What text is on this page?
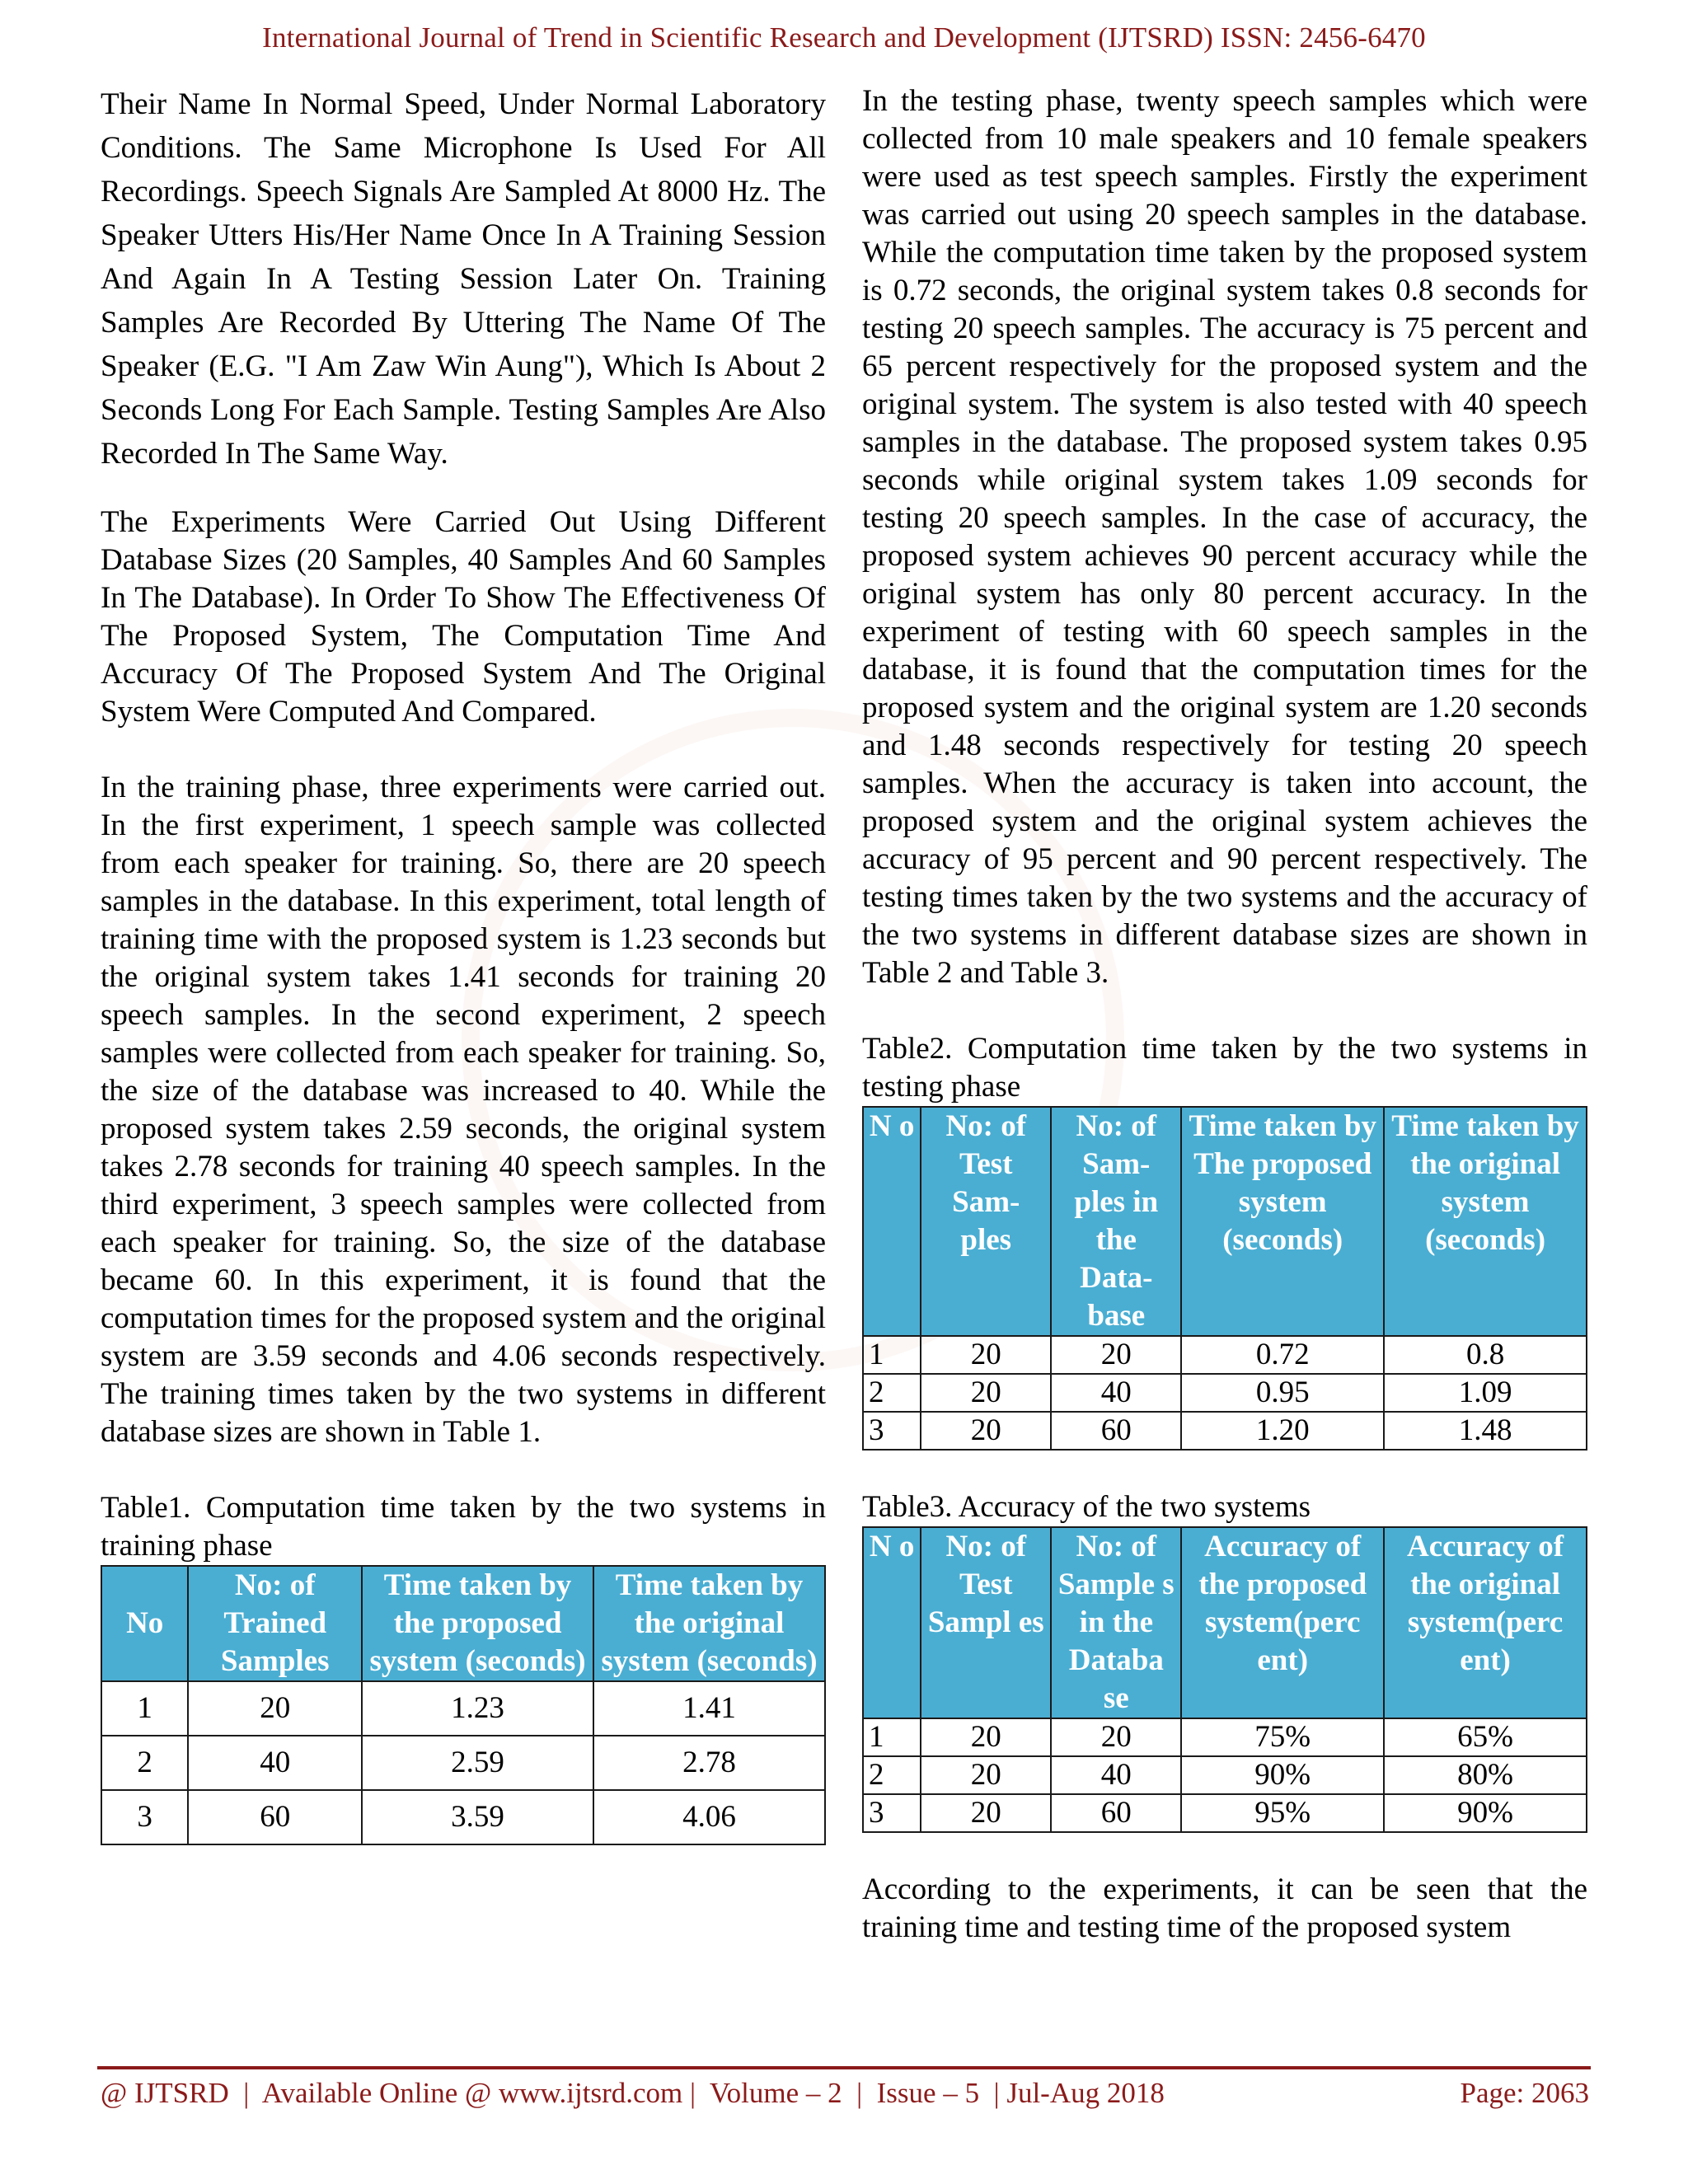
International Journal of Trend in Scientific Research and Development (IJTSRD) ISSN: 2456-6470

Their Name In Normal Speed, Under Normal Laboratory Conditions. The Same Microphone Is Used For All Recordings. Speech Signals Are Sampled At 8000 Hz. The Speaker Utters His/Her Name Once In A Training Session And Again In A Testing Session Later On. Training Samples Are Recorded By Uttering The Name Of The Speaker (E.G. "I Am Zaw Win Aung"), Which Is About 2 Seconds Long For Each Sample. Testing Samples Are Also Recorded In The Same Way.

The Experiments Were Carried Out Using Different Database Sizes (20 Samples, 40 Samples And 60 Samples In The Database). In Order To Show The Effectiveness Of The Proposed System, The Computation Time And Accuracy Of The Proposed System And The Original System Were Computed And Compared.

In the training phase, three experiments were carried out. In the first experiment, 1 speech sample was collected from each speaker for training. So, there are 20 speech samples in the database. In this experiment, total length of training time with the proposed system is 1.23 seconds but the original system takes 1.41 seconds for training 20 speech samples. In the second experiment, 2 speech samples were collected from each speaker for training. So, the size of the database was increased to 40. While the proposed system takes 2.59 seconds, the original system takes 2.78 seconds for training 40 speech samples. In the third experiment, 3 speech samples were collected from each speaker for training. So, the size of the database became 60. In this experiment, it is found that the computation times for the proposed system and the original system are 3.59 seconds and 4.06 seconds respectively. The training times taken by the two systems in different database sizes are shown in Table 1.

Table1. Computation time taken by the two systems in training phase

No	No: of Trained Samples	Time taken by the proposed system (seconds)	Time taken by the original system (seconds)
1	20	1.23	1.41
2	40	2.59	2.78
3	60	3.59	4.06

In the testing phase, twenty speech samples which were collected from 10 male speakers and 10 female speakers were used as test speech samples. Firstly the experiment was carried out using 20 speech samples in the database. While the computation time taken by the proposed system is 0.72 seconds, the original system takes 0.8 seconds for testing 20 speech samples. The accuracy is 75 percent and 65 percent respectively for the proposed system and the original system. The system is also tested with 40 speech samples in the database. The proposed system takes 0.95 seconds while original system takes 1.09 seconds for testing 20 speech samples. In the case of accuracy, the proposed system achieves 90 percent accuracy while the original system has only 80 percent accuracy. In the experiment of testing with 60 speech samples in the database, it is found that the computation times for the proposed system and the original system are 1.20 seconds and 1.48 seconds respectively for testing 20 speech samples. When the accuracy is taken into account, the proposed system and the original system achieves the accuracy of 95 percent and 90 percent respectively. The testing times taken by the two systems and the accuracy of the two systems in different database sizes are shown in Table 2 and Table 3.

Table2. Computation time taken by the two systems in testing phase

N o	No: of Test Sam- ples	No: of Sam- ples in the Data- base	Time taken by The proposed system (seconds)	Time taken by the original system (seconds)
1	20	20	0.72	0.8
2	20	40	0.95	1.09
3	20	60	1.20	1.48

Table3. Accuracy of the two systems

N o	No: of Test Sampl es	No: of Sample s in the Databa se	Accuracy of the proposed system(perc ent)	Accuracy of the original system(perc ent)
1	20	20	75%	65%
2	20	40	90%	80%
3	20	60	95%	90%

According to the experiments, it can be seen that the training time and testing time of the proposed system

@ IJTSRD  |  Available Online @ www.ijtsrd.com |  Volume – 2  |  Issue – 5  | Jul-Aug 2018	Page: 2063
